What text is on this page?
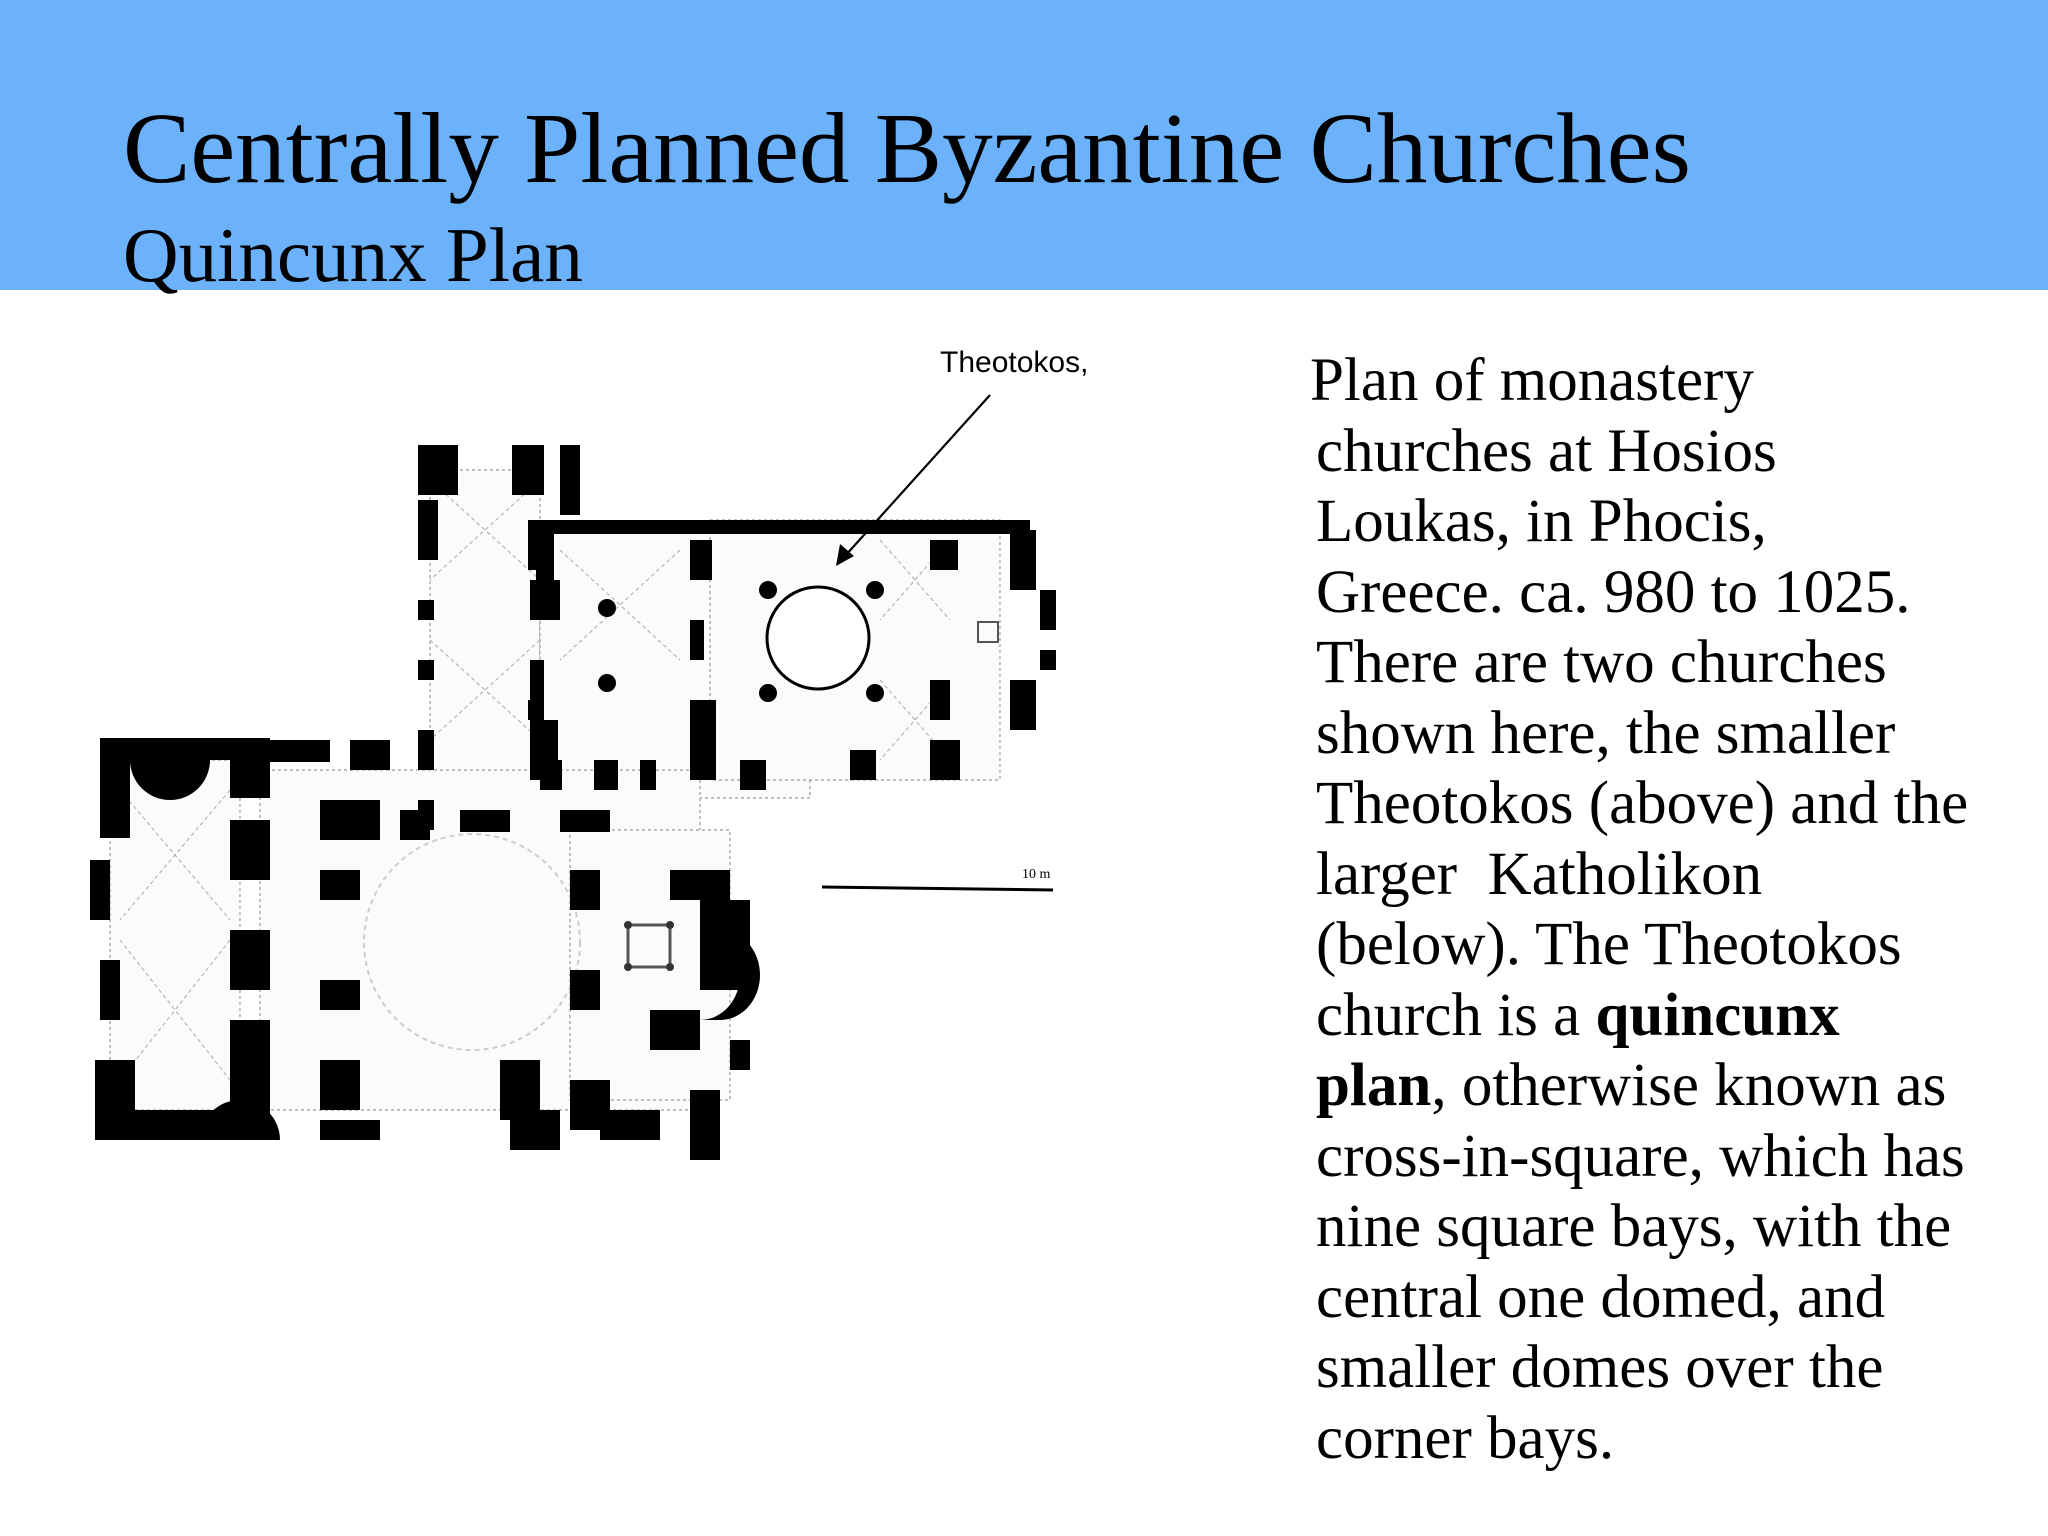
Centrally Planned Byzantine Churches
Quincunx Plan
10 m
Theotokos,	Plan of monastery
churches at Hosios
Loukas, in Phocis,
Greece. ca. 980 to 1025.
There are two churches
shown here, the smaller
Theotokos (above) and the
larger  Katholikon
(below). The Theotokos
church is a quincunx
plan, otherwise known as
cross-in-square, which has
nine square bays, with the
central one domed, and
smaller domes over the
corner bays.
